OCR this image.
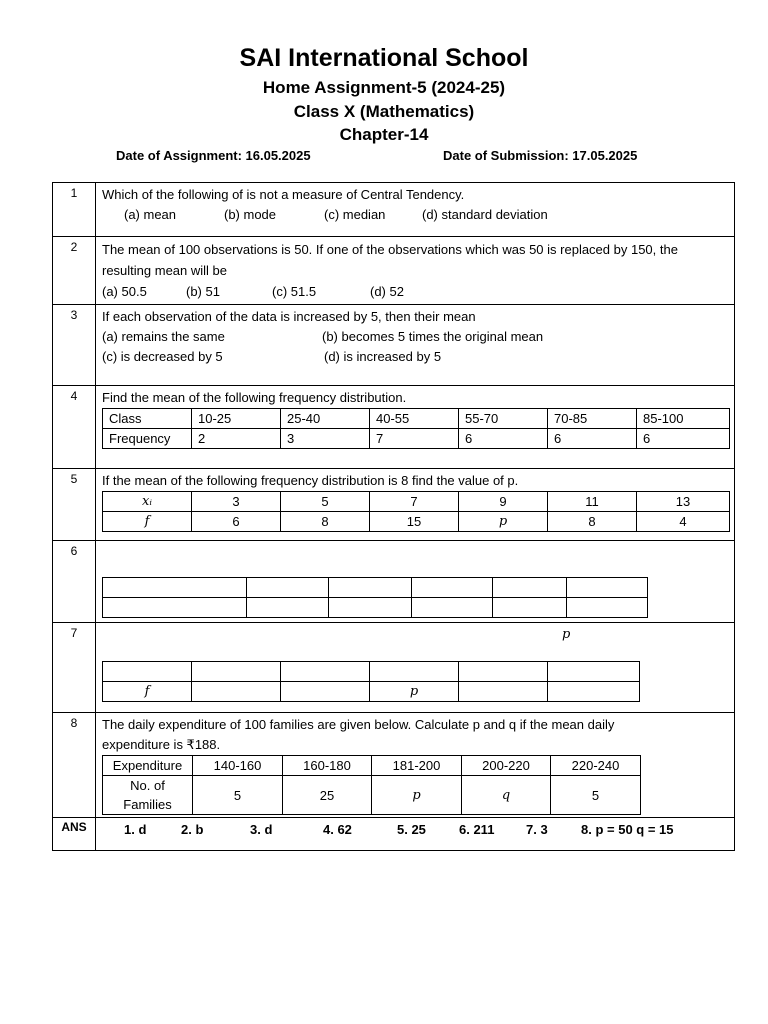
SAI International School
Home Assignment-5 (2024-25)
Class X (Mathematics)
Chapter-14
Date of Assignment: 16.05.2025	Date of Submission: 17.05.2025
1	Which of the following of is not a measure of Central Tendency.
(a) mean	(b) mode	(c) median	(d) standard deviation

2	The mean of 100 observations is 50. If one of the observations which was 50 is replaced by 150, the resulting mean will be
(a) 50.5	(b) 51	(c) 51.5	(d) 52

3	If each observation of the data is increased by 5, then their mean
(a) remains the same	(b) becomes 5 times the original mean
(c) is decreased by 5	(d) is increased by 5

4	Find the mean of the following frequency distribution.
Class	10-25	25-40	40-55	55-70	70-85	85-100
Frequency	2	3	7	6	6	6

5	If the mean of the following frequency distribution is 8 find the value of p.
xᵢ	3	5	7	9	11	13
f	6	8	15	p	8	4

6	

7	p

f			p		

8	The daily expenditure of 100 families are given below. Calculate p and q if the mean daily expenditure is ₹188.
Expenditure	140-160	160-180	181-200	200-220	220-240
No. of Families	5	25	p	q	5

ANS	1. d	2. b	3. d	4. 62	5. 25	6. 211 7. 3	8. p = 50 q = 15
